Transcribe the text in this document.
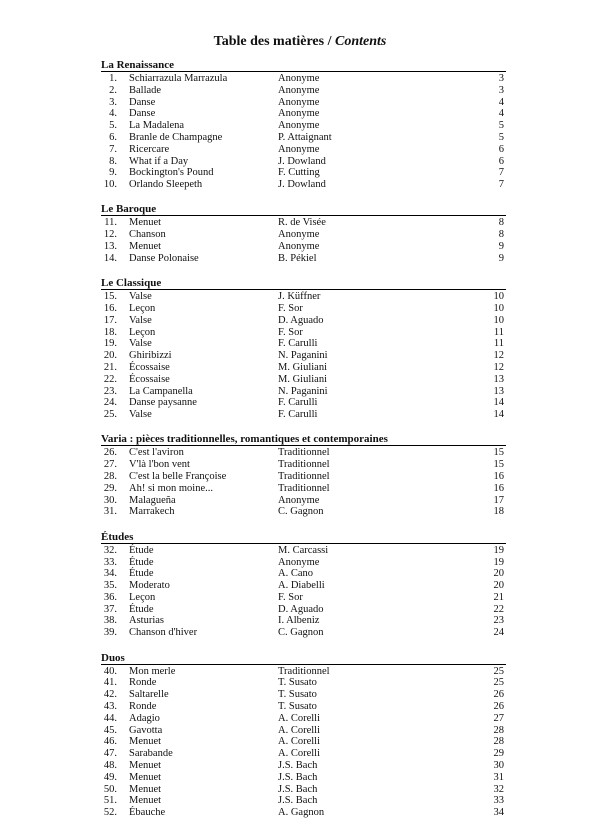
Table des matières / Contents
La Renaissance
1. Schiarrazula Marrazula	Anonyme	3
2. Ballade	Anonyme	3
3. Danse	Anonyme	4
4. Danse	Anonyme	4
5. La Madalena	Anonyme	5
6. Branle de Champagne	P. Attaignant	5
7. Ricercare	Anonyme	6
8. What if a Day	J. Dowland	6
9. Bockington's Pound	F. Cutting	7
10. Orlando Sleepeth	J. Dowland	7
Le Baroque
11. Menuet	R. de Visée	8
12. Chanson	Anonyme	8
13. Menuet	Anonyme	9
14. Danse Polonaise	B. Pékiel	9
Le Classique
15. Valse	J. Küffner	10
16. Leçon	F. Sor	10
17. Valse	D. Aguado	10
18. Leçon	F. Sor	11
19. Valse	F. Carulli	11
20. Ghiribizzi	N. Paganini	12
21. Écossaise	M. Giuliani	12
22. Écossaise	M. Giuliani	13
23. La Campanella	N. Paganini	13
24. Danse paysanne	F. Carulli	14
25. Valse	F. Carulli	14
Varia : pièces traditionnelles, romantiques et contemporaines
26. C'est l'aviron	Traditionnel	15
27. V'là l'bon vent	Traditionnel	15
28. C'est la belle Françoise	Traditionnel	16
29. Ah! si mon moine...	Traditionnel	16
30. Malagueña	Anonyme	17
31. Marrakech	C. Gagnon	18
Études
32. Étude	M. Carcassi	19
33. Étude	Anonyme	19
34. Étude	A. Cano	20
35. Moderato	A. Diabelli	20
36. Leçon	F. Sor	21
37. Étude	D. Aguado	22
38. Asturias	I. Albeniz	23
39. Chanson d'hiver	C. Gagnon	24
Duos
40. Mon merle	Traditionnel	25
41. Ronde	T. Susato	25
42. Saltarelle	T. Susato	26
43. Ronde	T. Susato	26
44. Adagio	A. Corelli	27
45. Gavotta	A. Corelli	28
46. Menuet	A. Corelli	28
47. Sarabande	A. Corelli	29
48. Menuet	J.S. Bach	30
49. Menuet	J.S. Bach	31
50. Menuet	J.S. Bach	32
51. Menuet	J.S. Bach	33
52. Ébauche	A. Gagnon	34
